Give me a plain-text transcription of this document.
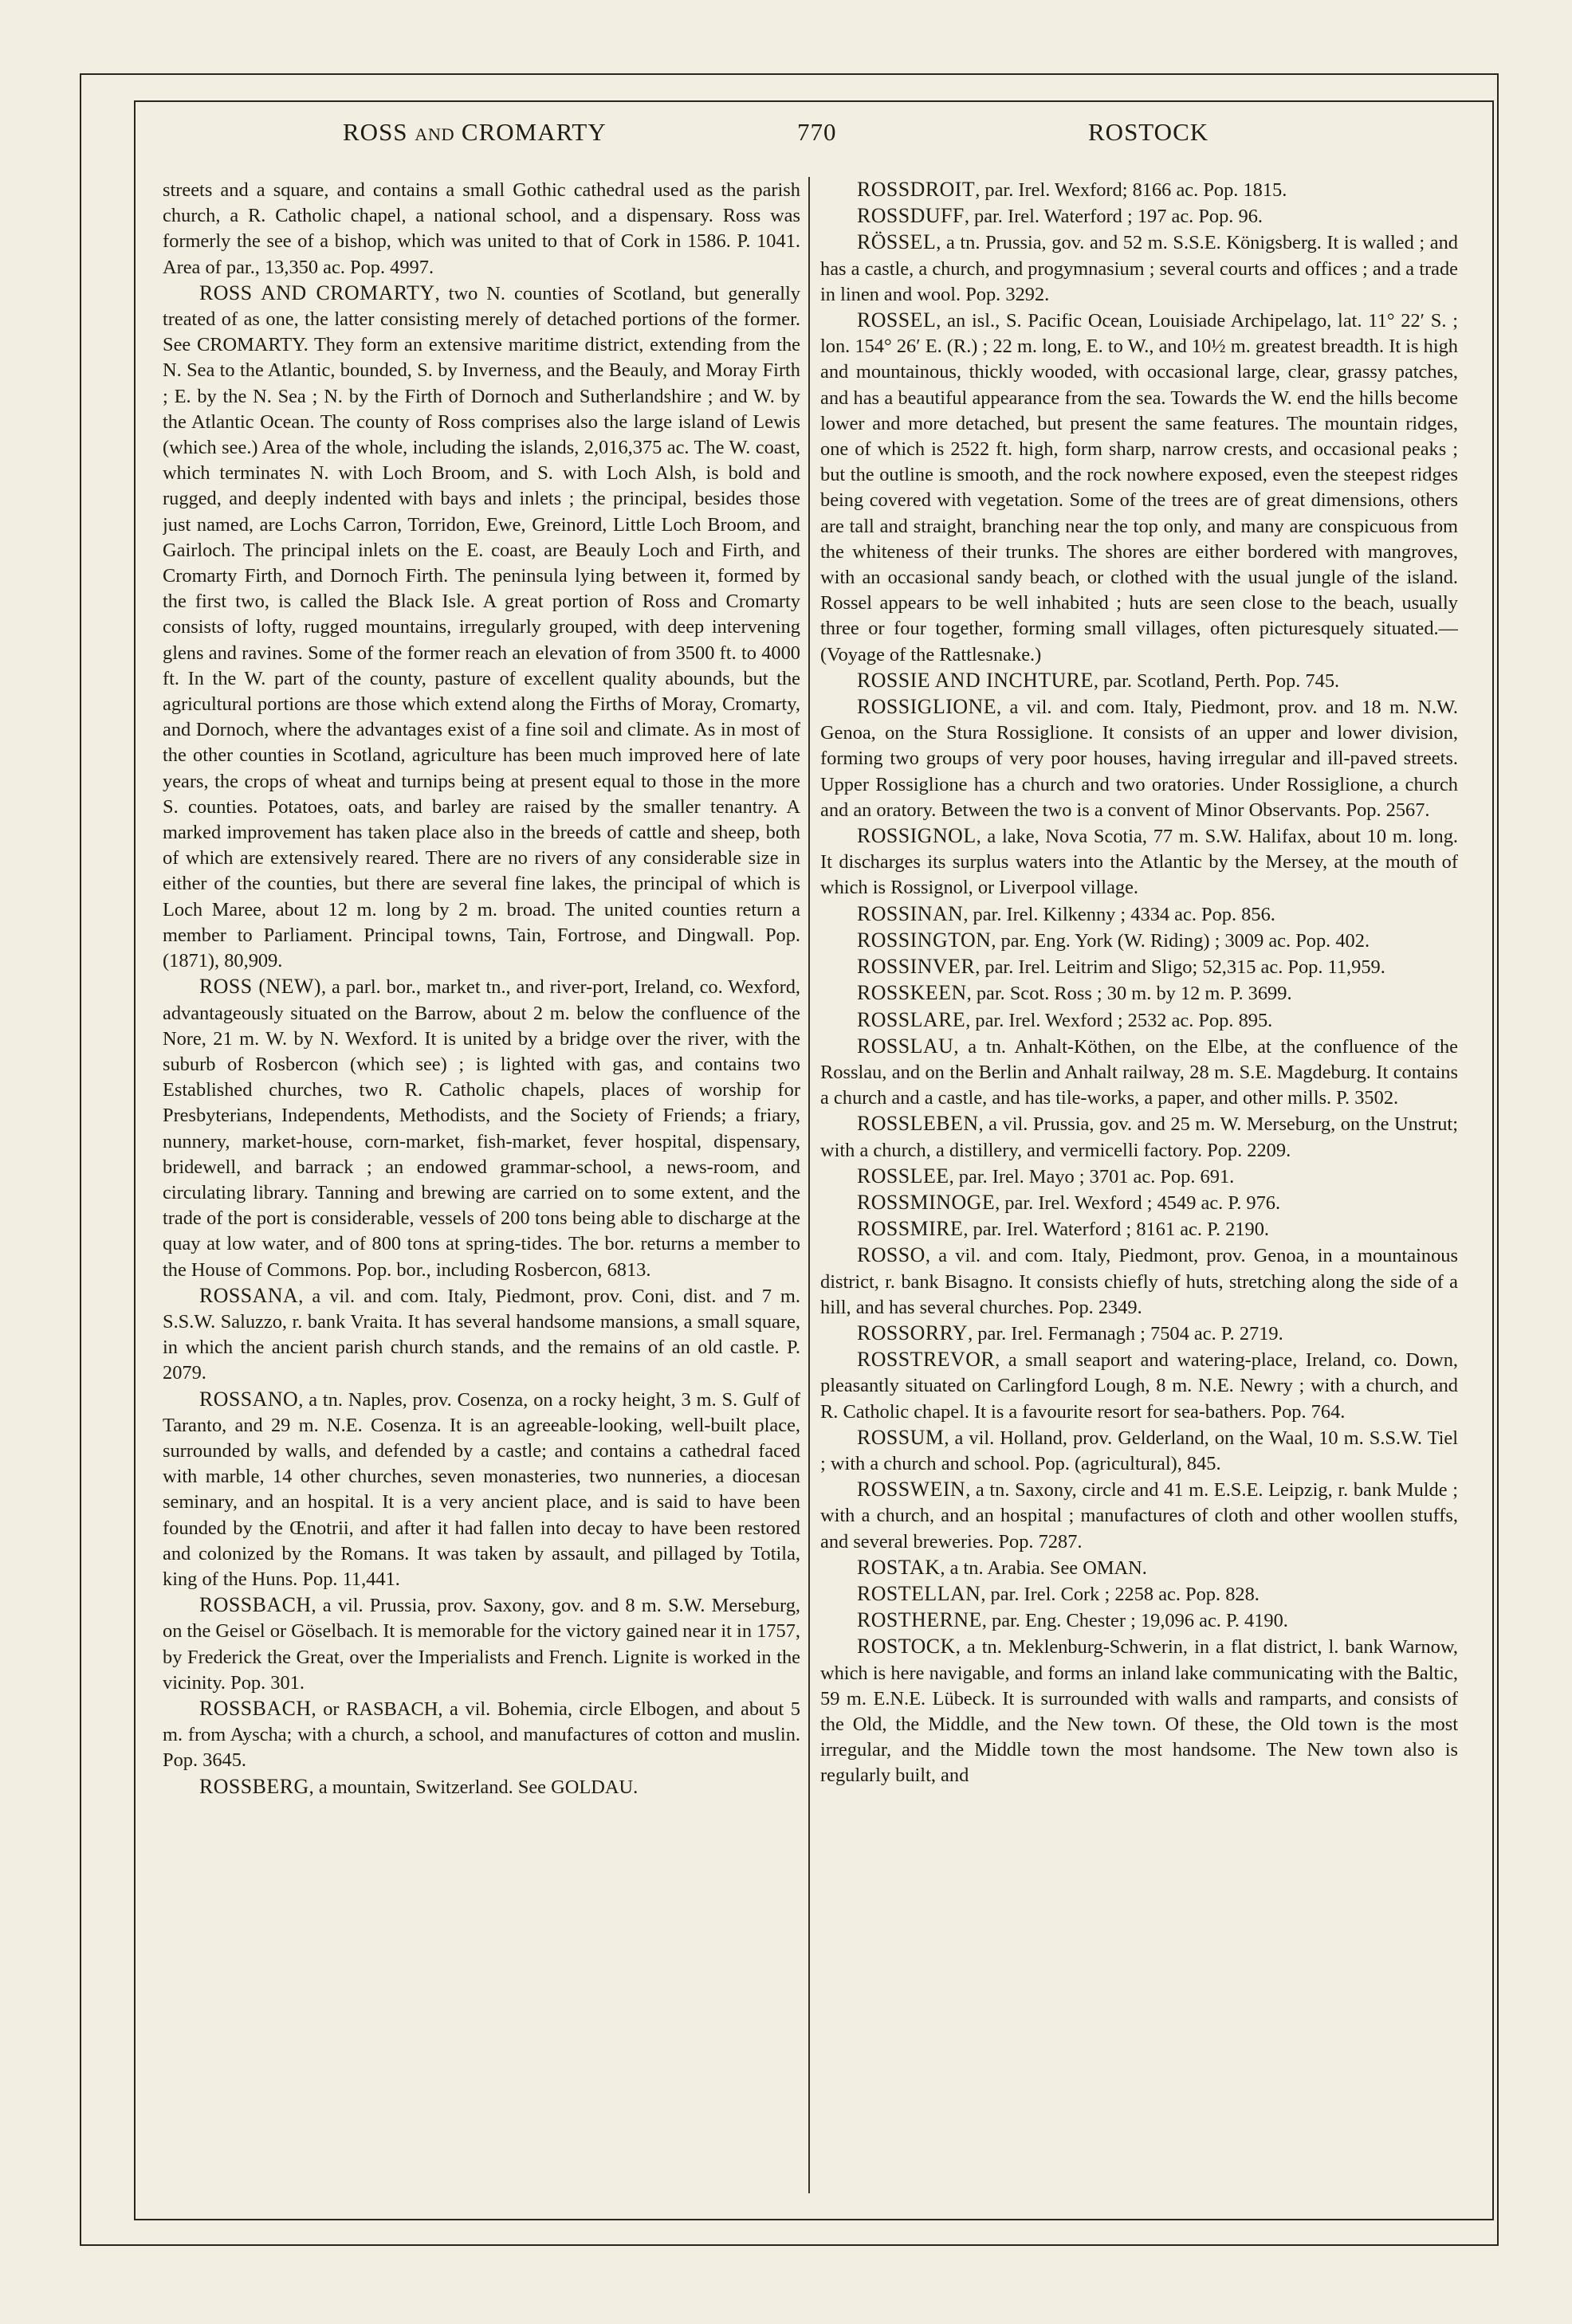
ROSS AND CROMARTY	770	ROSTOCK

streets and a square, and contains a small Gothic cathedral used as the parish church, a R. Catholic chapel, a national school, and a dispensary. Ross was formerly the see of a bishop, which was united to that of Cork in 1586. P. 1041. Area of par., 13,350 ac. Pop. 4997.

ROSS AND CROMARTY, two N. counties of Scotland, but generally treated of as one, the latter consisting merely of detached portions of the former. See CROMARTY. They form an extensive maritime district, extending from the N. Sea to the Atlantic, bounded, S. by Inverness, and the Beauly, and Moray Firth ; E. by the N. Sea ; N. by the Firth of Dornoch and Sutherlandshire ; and W. by the Atlantic Ocean. The county of Ross comprises also the large island of Lewis (which see.) Area of the whole, including the islands, 2,016,375 ac. The W. coast, which terminates N. with Loch Broom, and S. with Loch Alsh, is bold and rugged, and deeply indented with bays and inlets ; the principal, besides those just named, are Lochs Carron, Torridon, Ewe, Greinord, Little Loch Broom, and Gairloch. The principal inlets on the E. coast, are Beauly Loch and Firth, and Cromarty Firth, and Dornoch Firth. The peninsula lying between it, formed by the first two, is called the Black Isle. A great portion of Ross and Cromarty consists of lofty, rugged mountains, irregularly grouped, with deep intervening glens and ravines. Some of the former reach an elevation of from 3500 ft. to 4000 ft. In the W. part of the county, pasture of excellent quality abounds, but the agricultural portions are those which extend along the Firths of Moray, Cromarty, and Dornoch, where the advantages exist of a fine soil and climate. As in most of the other counties in Scotland, agriculture has been much improved here of late years, the crops of wheat and turnips being at present equal to those in the more S. counties. Potatoes, oats, and barley are raised by the smaller tenantry. A marked improvement has taken place also in the breeds of cattle and sheep, both of which are extensively reared. There are no rivers of any considerable size in either of the counties, but there are several fine lakes, the principal of which is Loch Maree, about 12 m. long by 2 m. broad. The united counties return a member to Parliament. Principal towns, Tain, Fortrose, and Dingwall. Pop. (1871), 80,909.

ROSS (NEW), a parl. bor., market tn., and river-port, Ireland, co. Wexford, advantageously situated on the Barrow, about 2 m. below the confluence of the Nore, 21 m. W. by N. Wexford. It is united by a bridge over the river, with the suburb of Rosbercon (which see) ; is lighted with gas, and contains two Established churches, two R. Catholic chapels, places of worship for Presbyterians, Independents, Methodists, and the Society of Friends; a friary, nunnery, market-house, corn-market, fish-market, fever hospital, dispensary, bridewell, and barrack ; an endowed grammar-school, a news-room, and circulating library. Tanning and brewing are carried on to some extent, and the trade of the port is considerable, vessels of 200 tons being able to discharge at the quay at low water, and of 800 tons at spring-tides. The bor. returns a member to the House of Commons. Pop. bor., including Rosbercon, 6813.

ROSSANA, a vil. and com. Italy, Piedmont, prov. Coni, dist. and 7 m. S.S.W. Saluzzo, r. bank Vraita. It has several handsome mansions, a small square, in which the ancient parish church stands, and the remains of an old castle. P. 2079.

ROSSANO, a tn. Naples, prov. Cosenza, on a rocky height, 3 m. S. Gulf of Taranto, and 29 m. N.E. Cosenza. It is an agreeable-looking, well-built place, surrounded by walls, and defended by a castle; and contains a cathedral faced with marble, 14 other churches, seven monasteries, two nunneries, a diocesan seminary, and an hospital. It is a very ancient place, and is said to have been founded by the Œnotrii, and after it had fallen into decay to have been restored and colonized by the Romans. It was taken by assault, and pillaged by Totila, king of the Huns. Pop. 11,441.

ROSSBACH, a vil. Prussia, prov. Saxony, gov. and 8 m. S.W. Merseburg, on the Geisel or Göselbach. It is memorable for the victory gained near it in 1757, by Frederick the Great, over the Imperialists and French. Lignite is worked in the vicinity. Pop. 301.

ROSSBACH, or RASBACH, a vil. Bohemia, circle Elbogen, and about 5 m. from Ayscha; with a church, a school, and manufactures of cotton and muslin. Pop. 3645.

ROSSBERG, a mountain, Switzerland. See GOLDAU.

ROSSDROIT, par. Irel. Wexford; 8166 ac. Pop. 1815.

ROSSDUFF, par. Irel. Waterford ; 197 ac. Pop. 96.

RÖSSEL, a tn. Prussia, gov. and 52 m. S.S.E. Königsberg. It is walled ; and has a castle, a church, and progymnasium ; several courts and offices ; and a trade in linen and wool. Pop. 3292.

ROSSEL, an isl., S. Pacific Ocean, Louisiade Archipelago, lat. 11° 22′ S. ; lon. 154° 26′ E. (R.) ; 22 m. long, E. to W., and 10½ m. greatest breadth. It is high and mountainous, thickly wooded, with occasional large, clear, grassy patches, and has a beautiful appearance from the sea. Towards the W. end the hills become lower and more detached, but present the same features. The mountain ridges, one of which is 2522 ft. high, form sharp, narrow crests, and occasional peaks ; but the outline is smooth, and the rock nowhere exposed, even the steepest ridges being covered with vegetation. Some of the trees are of great dimensions, others are tall and straight, branching near the top only, and many are conspicuous from the whiteness of their trunks. The shores are either bordered with mangroves, with an occasional sandy beach, or clothed with the usual jungle of the island. Rossel appears to be well inhabited ; huts are seen close to the beach, usually three or four together, forming small villages, often picturesquely situated.—(Voyage of the Rattlesnake.)

ROSSIE AND INCHTURE, par. Scotland, Perth. Pop. 745.

ROSSIGLIONE, a vil. and com. Italy, Piedmont, prov. and 18 m. N.W. Genoa, on the Stura Rossiglione. It consists of an upper and lower division, forming two groups of very poor houses, having irregular and ill-paved streets. Upper Rossiglione has a church and two oratories. Under Rossiglione, a church and an oratory. Between the two is a convent of Minor Observants. Pop. 2567.

ROSSIGNOL, a lake, Nova Scotia, 77 m. S.W. Halifax, about 10 m. long. It discharges its surplus waters into the Atlantic by the Mersey, at the mouth of which is Rossignol, or Liverpool village.

ROSSINAN, par. Irel. Kilkenny ; 4334 ac. Pop. 856.

ROSSINGTON, par. Eng. York (W. Riding) ; 3009 ac. Pop. 402.

ROSSINVER, par. Irel. Leitrim and Sligo; 52,315 ac. Pop. 11,959.

ROSSKEEN, par. Scot. Ross ; 30 m. by 12 m. P. 3699.

ROSSLARE, par. Irel. Wexford ; 2532 ac. Pop. 895.

ROSSLAU, a tn. Anhalt-Köthen, on the Elbe, at the confluence of the Rosslau, and on the Berlin and Anhalt railway, 28 m. S.E. Magdeburg. It contains a church and a castle, and has tile-works, a paper, and other mills. P. 3502.

ROSSLEBEN, a vil. Prussia, gov. and 25 m. W. Merseburg, on the Unstrut; with a church, a distillery, and vermicelli factory. Pop. 2209.

ROSSLEE, par. Irel. Mayo ; 3701 ac. Pop. 691.

ROSSMINOGE, par. Irel. Wexford ; 4549 ac. P. 976.

ROSSMIRE, par. Irel. Waterford ; 8161 ac. P. 2190.

ROSSO, a vil. and com. Italy, Piedmont, prov. Genoa, in a mountainous district, r. bank Bisagno. It consists chiefly of huts, stretching along the side of a hill, and has several churches. Pop. 2349.

ROSSORRY, par. Irel. Fermanagh ; 7504 ac. P. 2719.

ROSSTREVOR, a small seaport and watering-place, Ireland, co. Down, pleasantly situated on Carlingford Lough, 8 m. N.E. Newry ; with a church, and R. Catholic chapel. It is a favourite resort for sea-bathers. Pop. 764.

ROSSUM, a vil. Holland, prov. Gelderland, on the Waal, 10 m. S.S.W. Tiel ; with a church and school. Pop. (agricultural), 845.

ROSSWEIN, a tn. Saxony, circle and 41 m. E.S.E. Leipzig, r. bank Mulde ; with a church, and an hospital ; manufactures of cloth and other woollen stuffs, and several breweries. Pop. 7287.

ROSTAK, a tn. Arabia. See OMAN.

ROSTELLAN, par. Irel. Cork ; 2258 ac. Pop. 828.

ROSTHERNE, par. Eng. Chester ; 19,096 ac. P. 4190.

ROSTOCK, a tn. Meklenburg-Schwerin, in a flat district, l. bank Warnow, which is here navigable, and forms an inland lake communicating with the Baltic, 59 m. E.N.E. Lübeck. It is surrounded with walls and ramparts, and consists of the Old, the Middle, and the New town. Of these, the Old town is the most irregular, and the Middle town the most handsome. The New town also is regularly built, and
